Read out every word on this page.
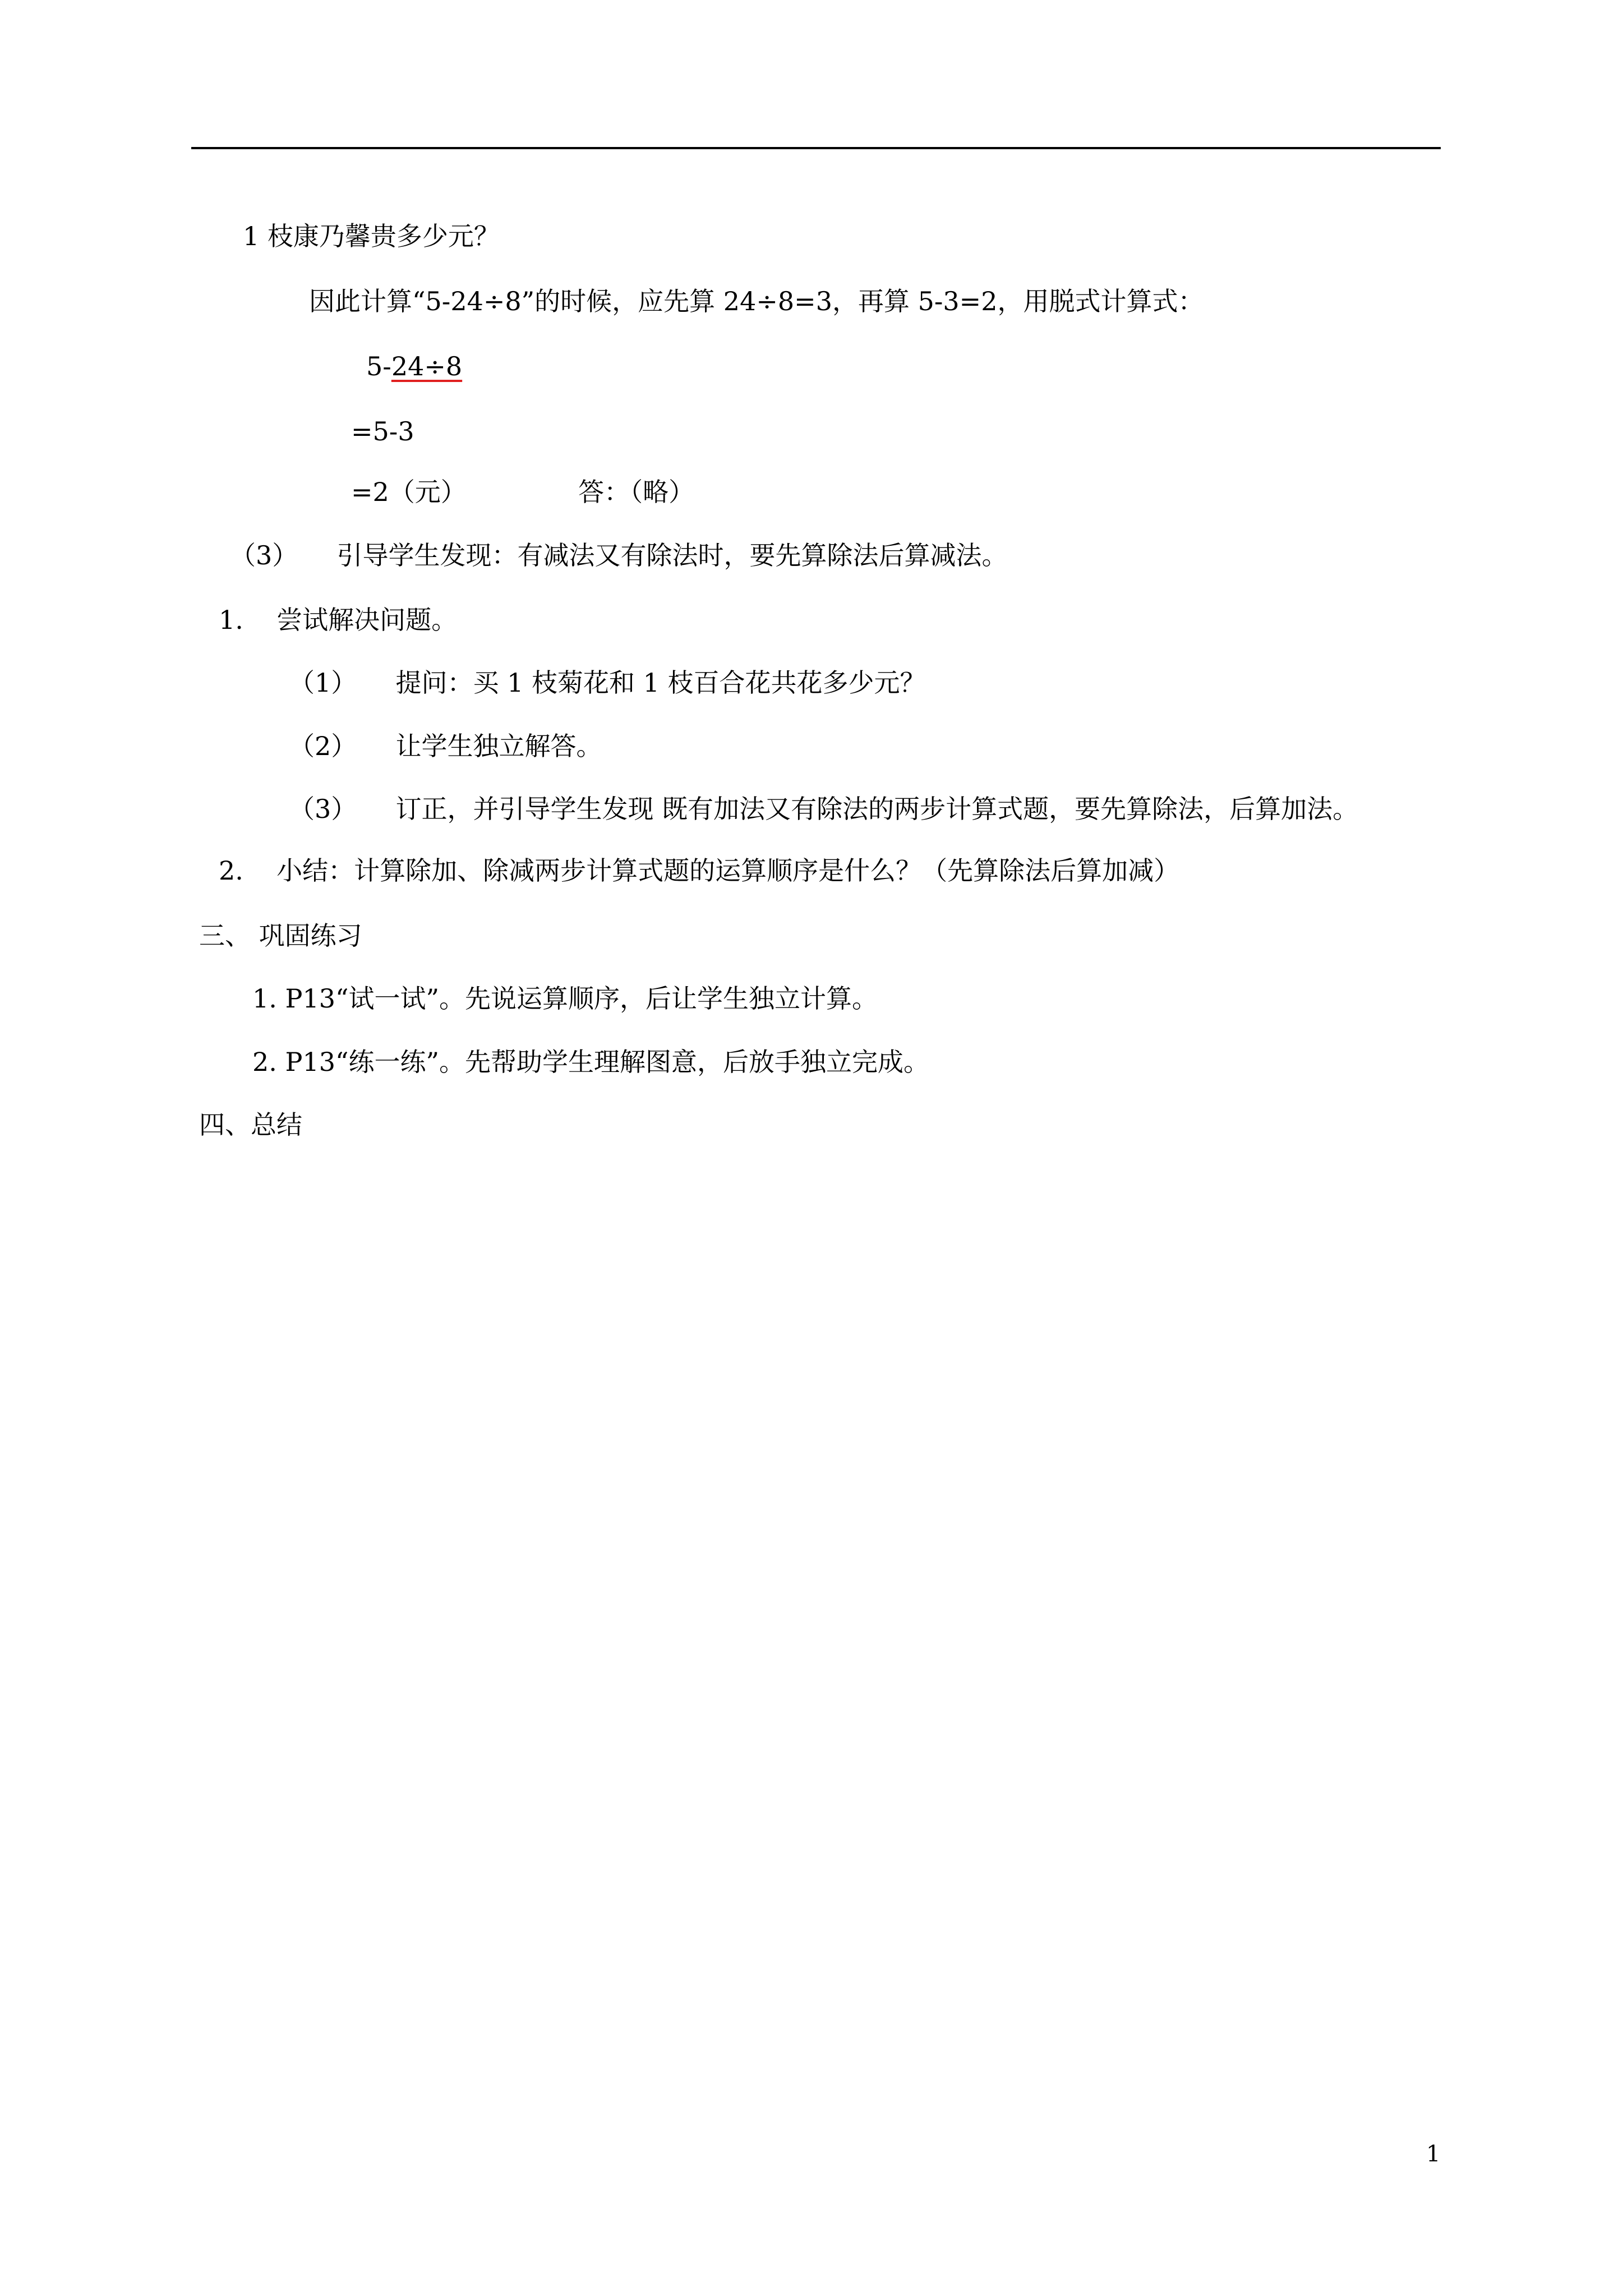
1 枝康乃馨贵多少元？
因此计算“5-24÷8”的时候，应先算 24÷8=3，再算 5-3=2，用脱式计算式：
5-24÷8
=5-3
=2（元）	答：（略）
（3） 引导学生发现：有减法又有除法时，要先算除法后算减法。
1. 尝试解决问题。
（1） 提问：买 1 枝菊花和 1 枝百合花共花多少元？
（2） 让学生独立解答。
（3） 订正，并引导学生发现 既有加法又有除法的两步计算式题，要先算除法，后算加法。
2. 小结：计算除加、除减两步计算式题的运算顺序是什么？（先算除法后算加减）
三、 巩固练习
1. P13“试一试”。先说运算顺序，后让学生独立计算。
2. P13“练一练”。先帮助学生理解图意，后放手独立完成。
四、总结
1
